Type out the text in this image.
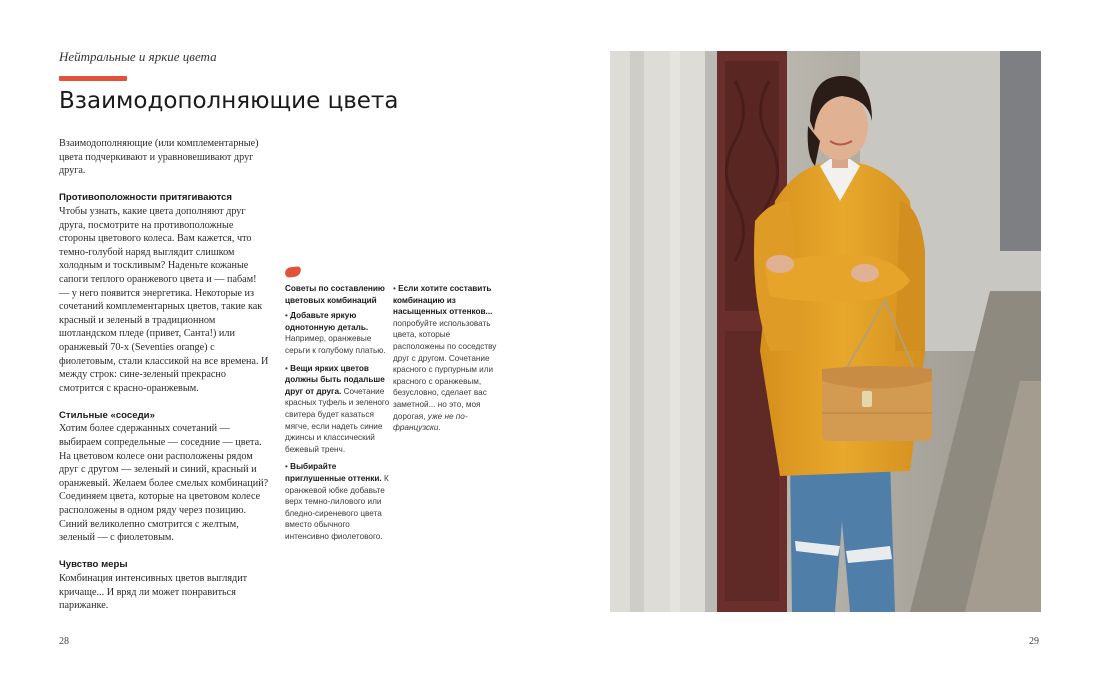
Нейтральные и яркие цвета
Взаимодополняющие цвета

Взаимодополняющие (или комплементарные) цвета подчеркивают и уравновешивают друг друга.

Противоположности притягиваются

Чтобы узнать, какие цвета дополняют друг друга, посмотрите на противоположные стороны цветового колеса. Вам кажется, что темно-голубой наряд выглядит слишком холодным и тоскливым? Наденьте кожаные сапоги теплого оранжевого цвета и — пабам! — у него появится энергетика. Некоторые из сочетаний комплементарных цветов, такие как красный и зеленый в традиционном шотландском пледе (привет, Санта!) или оранжевый 70-х (Seventies orange) с фиолетовым, стали классикой на все времена. И между строк: сине-зеленый прекрасно смотрится с красно-оранжевым.

Стильные «соседи»

Хотим более сдержанных сочетаний — выбираем сопредельные — соседние — цвета. На цветовом колесе они расположены рядом друг с другом — зеленый и синий, красный и оранжевый. Желаем более смелых комбинаций? Соединяем цвета, которые на цветовом колесе расположены в одном ряду через позицию. Синий великолепно смотрится с желтым, зеленый — с фиолетовым.

Чувство меры

Комбинация интенсивных цветов выглядит кричаще... И вряд ли может понравиться парижанке.

Советы по составлению цветовых комбинаций
• Добавьте яркую однотонную деталь. Например, оранжевые серьги к голубому платью.
• Вещи ярких цветов должны быть подальше друг от друга. Сочетание красных туфель и зеленого свитера будет казаться мягче, если надеть синие джинсы и классический бежевый тренч.
• Выбирайте приглушенные оттенки. К оранжевой юбке добавьте верх темно-лилового или бледно-сиреневого цвета вместо обычного интенсивно фиолетового.
• Если хотите составить комбинацию из насыщенных оттенков... попробуйте использовать цвета, которые расположены по соседству друг с другом. Сочетание красного с пурпурным или красного с оранжевым, безусловно, сделает вас заметной... но это, моя дорогая, уже не по-французски.
28	29
